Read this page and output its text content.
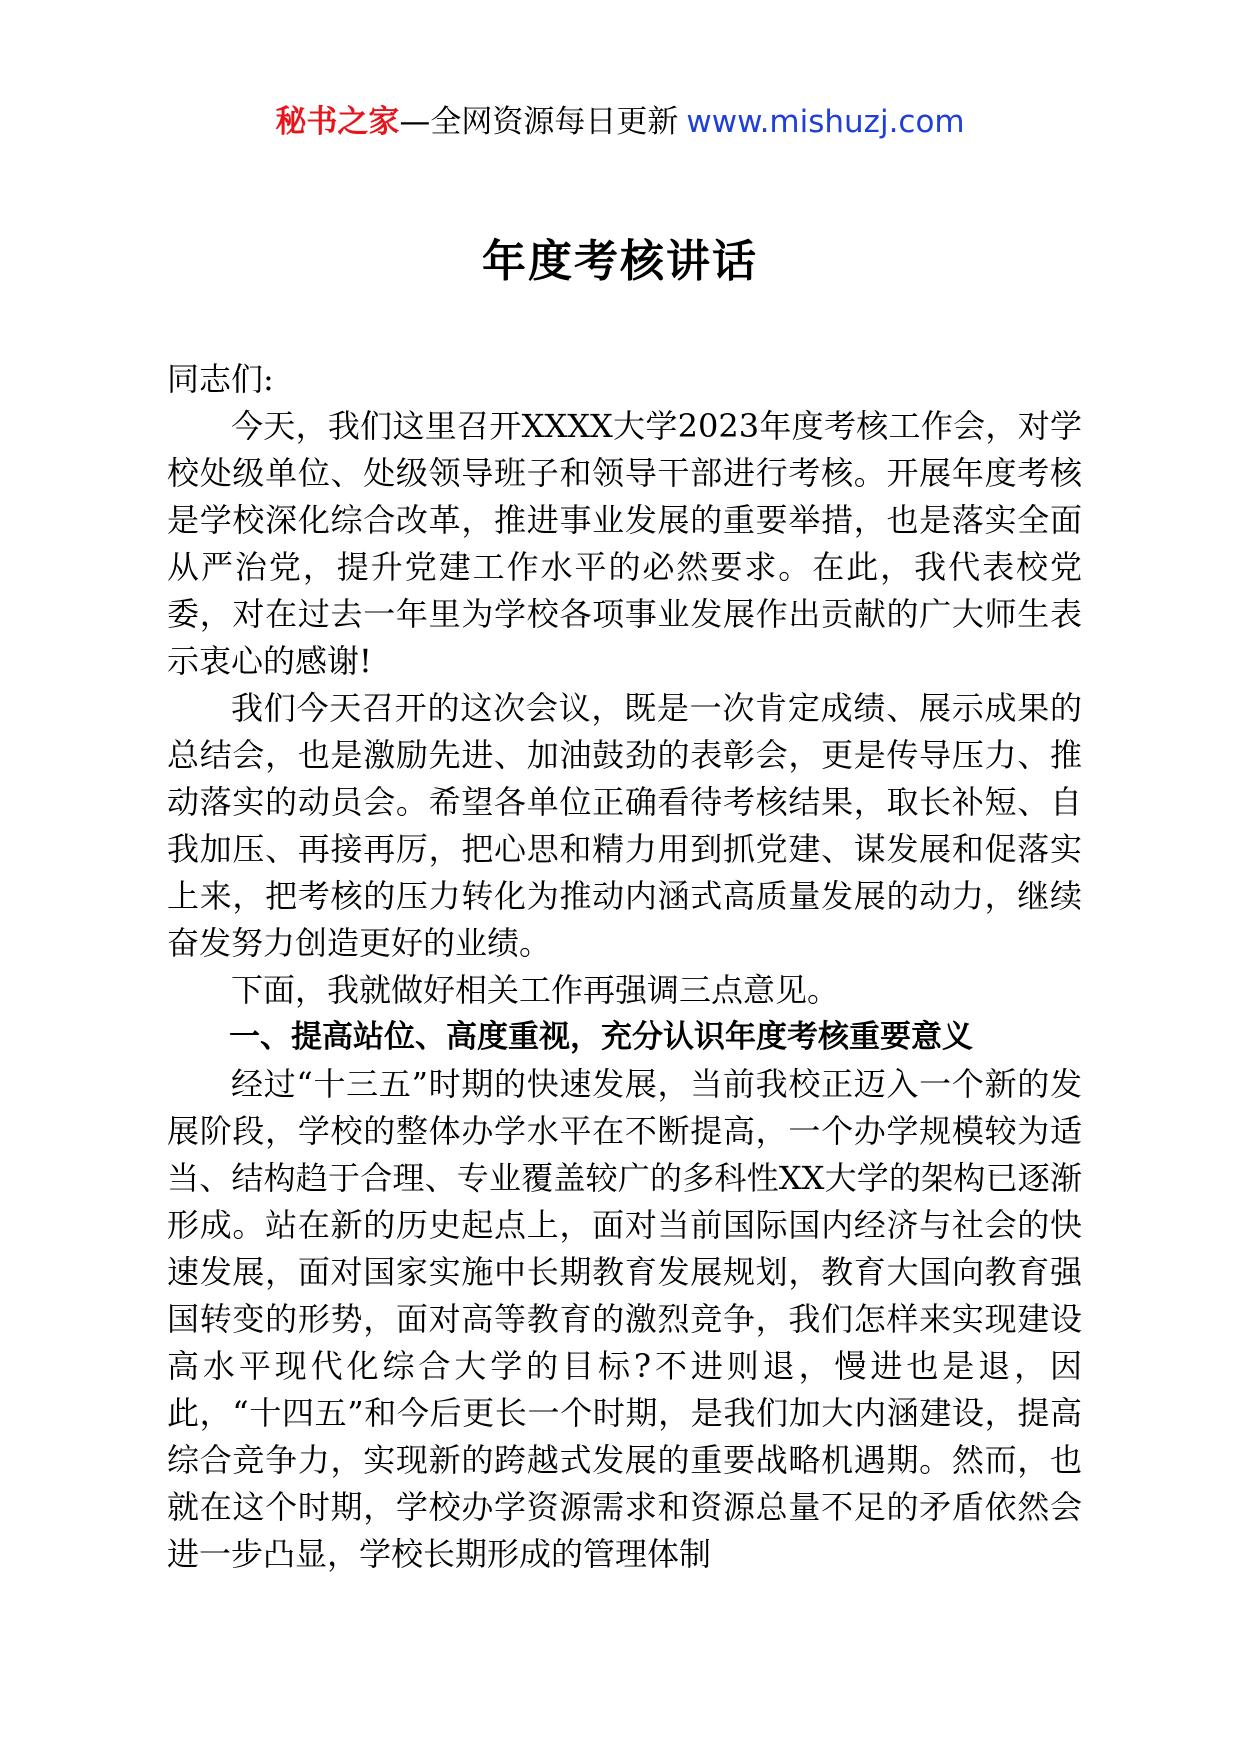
秘书之家—全网资源每日更新 www.mishuzj.com
年度考核讲话

同志们:

今天，我们这里召开XXXX大学2023年度考核工作会，对学校处级单位、处级领导班子和领导干部进行考核。开展年度考核是学校深化综合改革，推进事业发展的重要举措，也是落实全面从严治党，提升党建工作水平的必然要求。在此，我代表校党委，对在过去一年里为学校各项事业发展作出贡献的广大师生表示衷心的感谢!

我们今天召开的这次会议，既是一次肯定成绩、展示成果的总结会，也是激励先进、加油鼓劲的表彰会，更是传导压力、推动落实的动员会。希望各单位正确看待考核结果，取长补短、自我加压、再接再厉，把心思和精力用到抓党建、谋发展和促落实上来，把考核的压力转化为推动内涵式高质量发展的动力，继续奋发努力创造更好的业绩。

下面，我就做好相关工作再强调三点意见。

一、提高站位、高度重视，充分认识年度考核重要意义

经过“十三五”时期的快速发展，当前我校正迈入一个新的发展阶段，学校的整体办学水平在不断提高，一个办学规模较为适当、结构趋于合理、专业覆盖较广的多科性XX大学的架构已逐渐形成。站在新的历史起点上，面对当前国际国内经济与社会的快速发展，面对国家实施中长期教育发展规划，教育大国向教育强国转变的形势，面对高等教育的激烈竞争，我们怎样来实现建设高水平现代化综合大学的目标?不进则退，慢进也是退，因此，“十四五”和今后更长一个时期，是我们加大内涵建设，提高综合竞争力，实现新的跨越式发展的重要战略机遇期。然而，也就在这个时期，学校办学资源需求和资源总量不足的矛盾依然会进一步凸显，学校长期形成的管理体制
